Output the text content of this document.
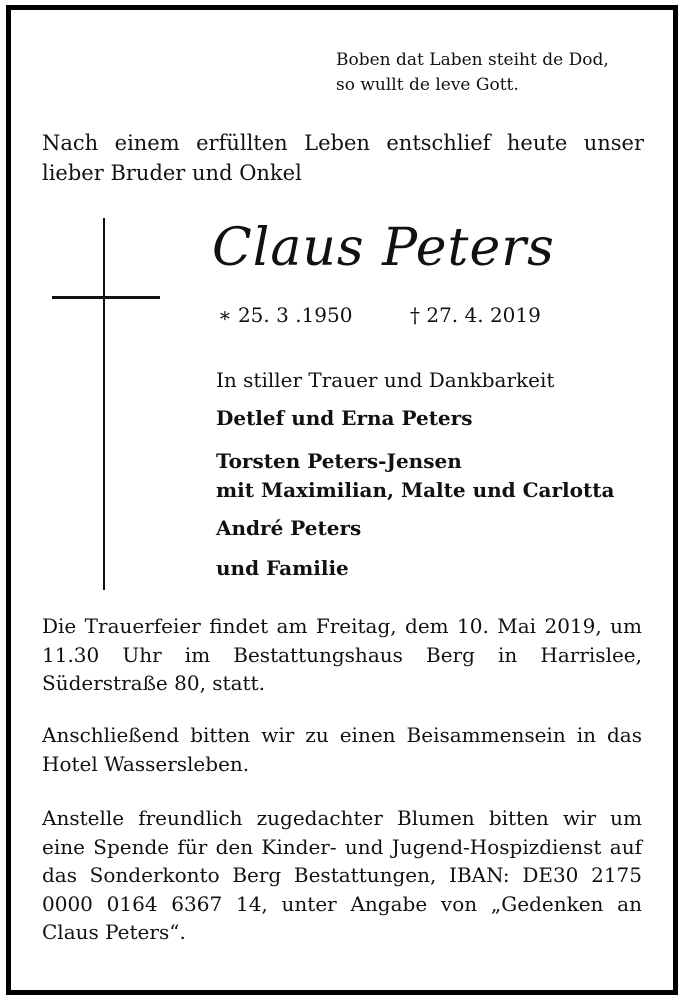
Boben dat Laben steiht de Dod,
so wullt de leve Gott.
Nach einem erfüllten Leben entschlief heute unser lieber Bruder und Onkel
Claus Peters
∗ 25. 3 .1950	† 27. 4. 2019
In stiller Trauer und Dankbarkeit
Detlef und Erna Peters
Torsten Peters-Jensen
mit Maximilian, Malte und Carlotta
André Peters
und Familie
Die Trauerfeier findet am Freitag, dem 10. Mai 2019, um 11.30 Uhr im Bestattungshaus Berg in Harrislee, Süderstraße 80, statt.
Anschließend bitten wir zu einen Beisammensein in das Hotel Wassersleben.
Anstelle freundlich zugedachter Blumen bitten wir um eine Spende für den Kinder- und Jugend-Hospizdienst auf das Sonderkonto Berg Bestattungen, IBAN: DE30 2175 0000 0164 6367 14, unter Angabe von „Gedenken an Claus Peters“.
